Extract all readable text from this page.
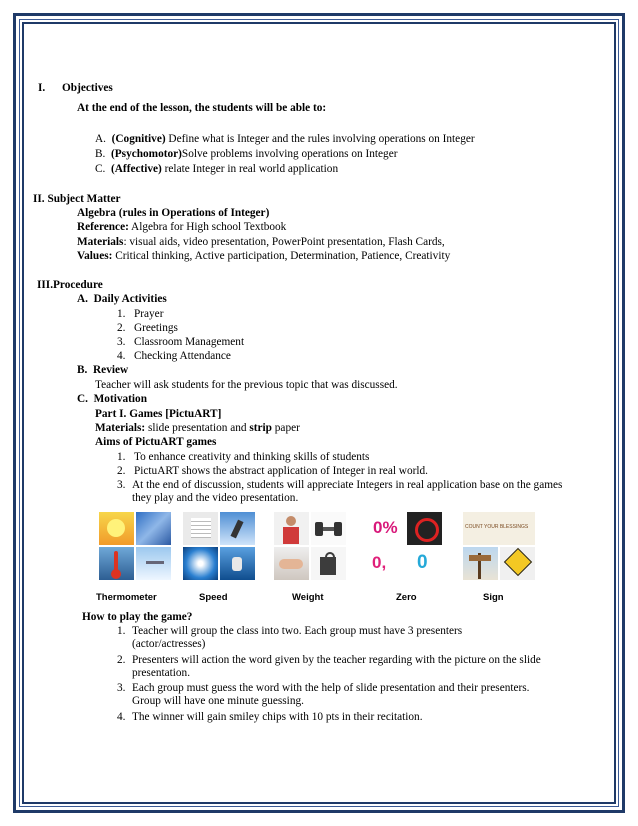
I. Objectives
At the end of the lesson, the students will be able to:
A. (Cognitive) Define what is Integer and the rules involving operations on Integer
B. (Psychomotor)Solve problems involving operations on Integer
C. (Affective) relate Integer in real world application
II. Subject Matter
Algebra (rules in Operations of Integer)
Reference: Algebra for High school Textbook
Materials: visual aids, video presentation, PowerPoint presentation, Flash Cards,
Values: Critical thinking, Active participation, Determination, Patience, Creativity
III.Procedure
A. Daily Activities
1. Prayer
2. Greetings
3. Classroom Management
4. Checking Attendance
B. Review
Teacher will ask students for the previous topic that was discussed.
C. Motivation
Part I. Games [PictuART]
Materials: slide presentation and strip paper
Aims of PictuART games
1. To enhance creativity and thinking skills of students
2. PictuART shows the abstract application of Integer in real world.
3. At the end of discussion, students will appreciate Integers in real application base on the games they play and the video presentation.
0%
0, 0
COUNT YOUR BLESSINGS
Thermometer	Speed	Weight	Zero	Sign
How to play the game?
1. Teacher will group the class into two. Each group must have 3 presenters (actor/actresses)
2. Presenters will action the word given by the teacher regarding with the picture on the slide presentation.
3. Each group must guess the word with the help of slide presentation and their presenters. Group will have one minute guessing.
4. The winner will gain smiley chips with 10 pts in their recitation.
